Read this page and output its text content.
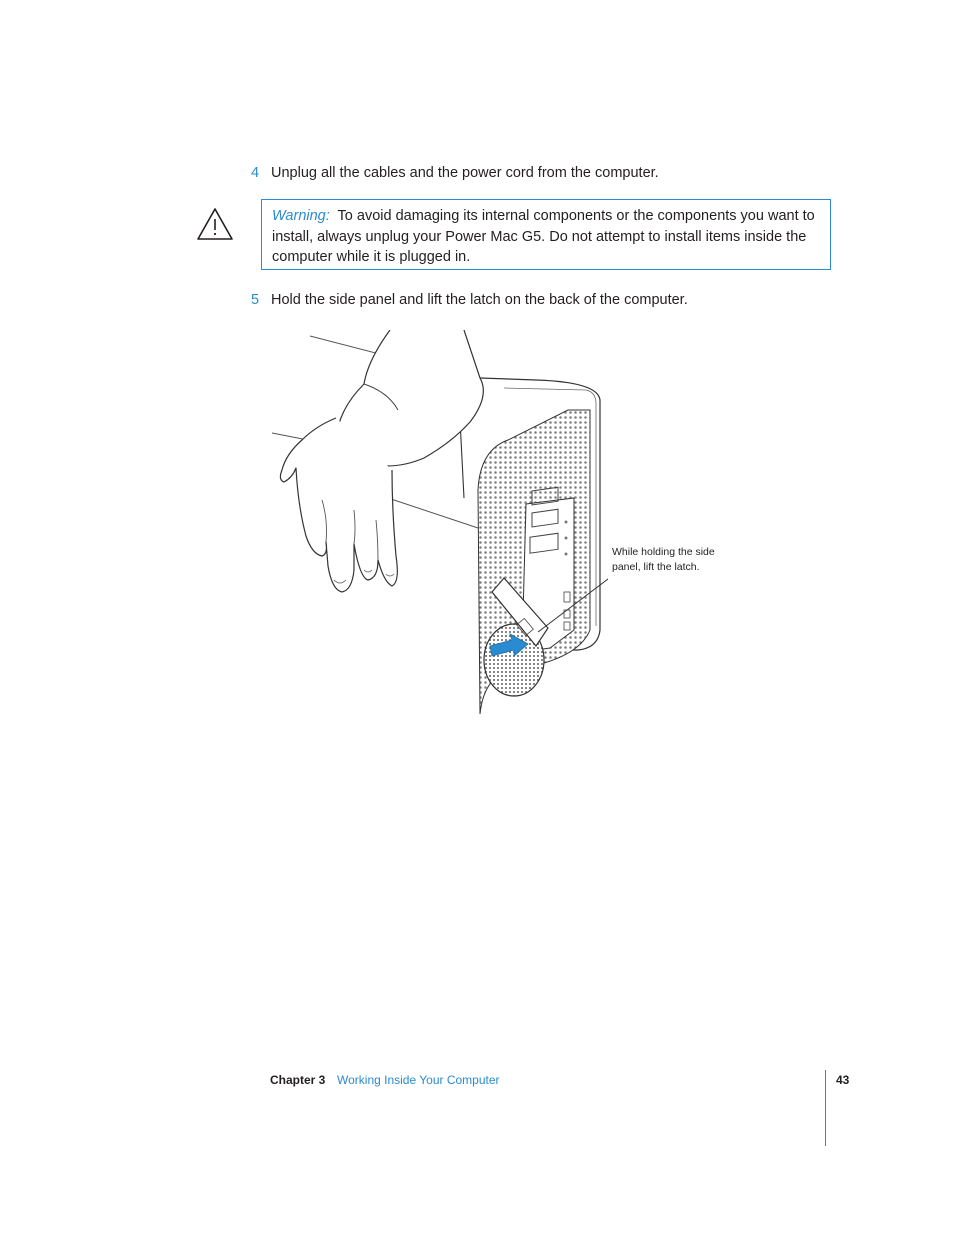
4 Unplug all the cables and the power cord from the computer.
Warning: To avoid damaging its internal components or the components you want to install, always unplug your Power Mac G5. Do not attempt to install items inside the computer while it is plugged in.
5 Hold the side panel and lift the latch on the back of the computer.
While holding the side
panel, lift the latch.
Chapter 3 Working Inside Your Computer	43
